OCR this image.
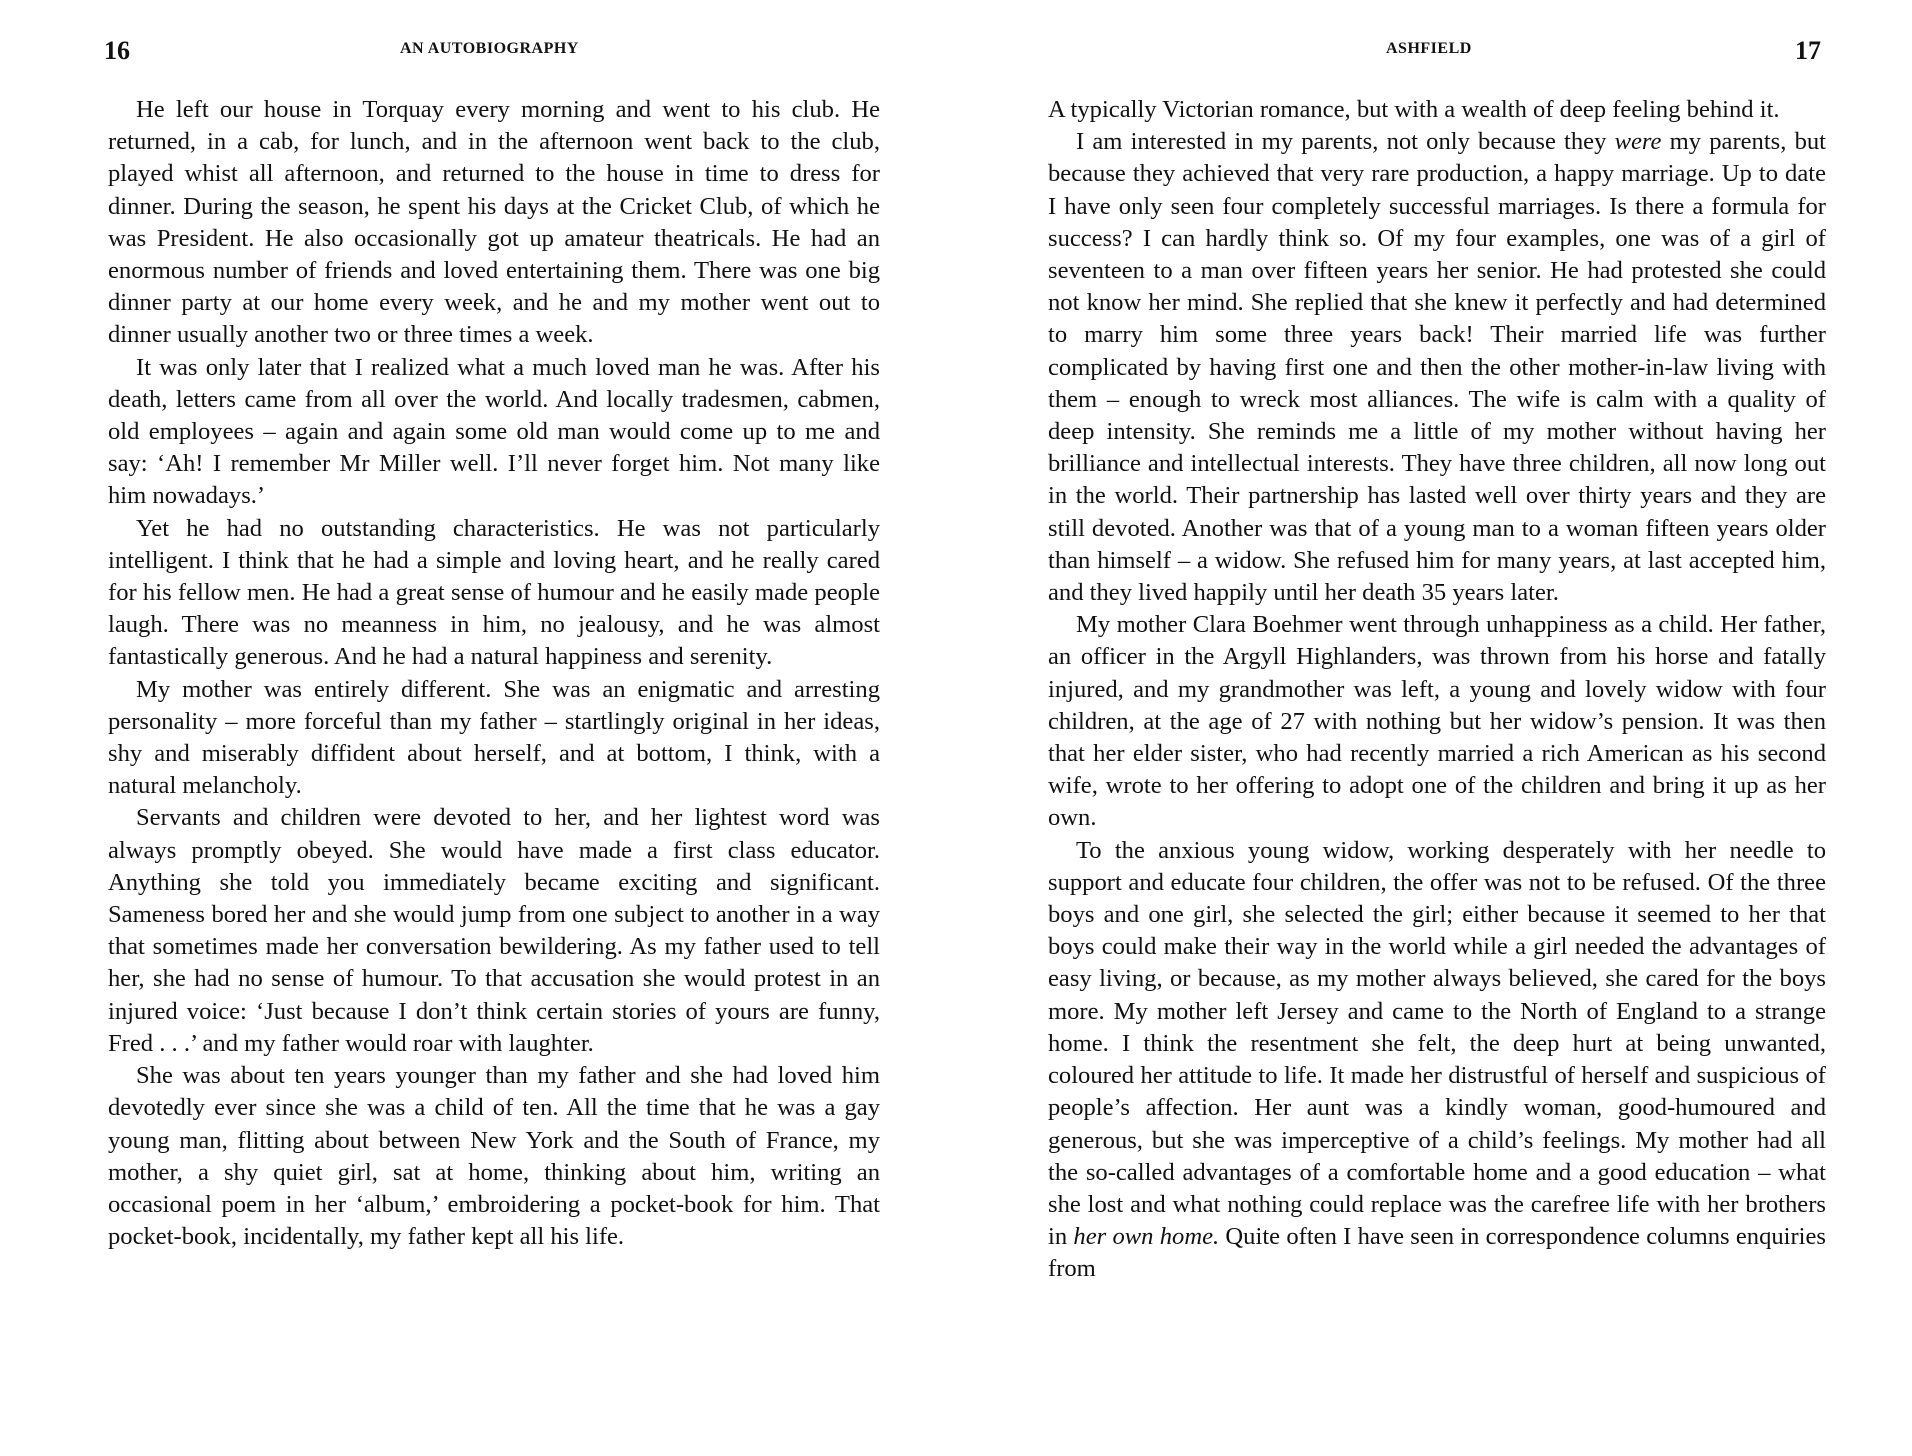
16	AN AUTOBIOGRAPHY

He left our house in Torquay every morning and went to his club. He returned, in a cab, for lunch, and in the afternoon went back to the club, played whist all afternoon, and returned to the house in time to dress for dinner. During the season, he spent his days at the Cricket Club, of which he was President. He also occasionally got up amateur theatricals. He had an enormous number of friends and loved entertaining them. There was one big dinner party at our home every week, and he and my mother went out to dinner usually another two or three times a week.

It was only later that I realized what a much loved man he was. After his death, letters came from all over the world. And locally tradesmen, cabmen, old employees – again and again some old man would come up to me and say: ‘Ah! I remember Mr Miller well. I’ll never forget him. Not many like him nowadays.’

Yet he had no outstanding characteristics. He was not particularly intelligent. I think that he had a simple and loving heart, and he really cared for his fellow men. He had a great sense of humour and he easily made people laugh. There was no meanness in him, no jealousy, and he was almost fantastically generous. And he had a natural happiness and serenity.

My mother was entirely different. She was an enigmatic and arresting personality – more forceful than my father – startlingly original in her ideas, shy and miserably diffident about herself, and at bottom, I think, with a natural melancholy.

Servants and children were devoted to her, and her lightest word was always promptly obeyed. She would have made a first class educator. Anything she told you immediately became exciting and significant. Sameness bored her and she would jump from one subject to another in a way that sometimes made her conversation bewildering. As my father used to tell her, she had no sense of humour. To that accusation she would protest in an injured voice: ‘Just because I don’t think certain stories of yours are funny, Fred . . .’ and my father would roar with laughter.

She was about ten years younger than my father and she had loved him devotedly ever since she was a child of ten. All the time that he was a gay young man, flitting about between New York and the South of France, my mother, a shy quiet girl, sat at home, thinking about him, writing an occasional poem in her ‘album,’ embroidering a pocket-book for him. That pocket-book, incidentally, my father kept all his life.

ASHFIELD	17

A typically Victorian romance, but with a wealth of deep feeling behind it.

I am interested in my parents, not only because they were my parents, but because they achieved that very rare production, a happy marriage. Up to date I have only seen four completely successful marriages. Is there a formula for success? I can hardly think so. Of my four examples, one was of a girl of seventeen to a man over fifteen years her senior. He had protested she could not know her mind. She replied that she knew it perfectly and had determined to marry him some three years back! Their married life was further complicated by having first one and then the other mother-in-law living with them – enough to wreck most alliances. The wife is calm with a quality of deep intensity. She reminds me a little of my mother without having her brilliance and intellectual interests. They have three children, all now long out in the world. Their partnership has lasted well over thirty years and they are still devoted. Another was that of a young man to a woman fifteen years older than himself – a widow. She refused him for many years, at last accepted him, and they lived happily until her death 35 years later.

My mother Clara Boehmer went through unhappiness as a child. Her father, an officer in the Argyll Highlanders, was thrown from his horse and fatally injured, and my grandmother was left, a young and lovely widow with four children, at the age of 27 with nothing but her widow’s pension. It was then that her elder sister, who had recently married a rich American as his second wife, wrote to her offering to adopt one of the children and bring it up as her own.

To the anxious young widow, working desperately with her needle to support and educate four children, the offer was not to be refused. Of the three boys and one girl, she selected the girl; either because it seemed to her that boys could make their way in the world while a girl needed the advantages of easy living, or because, as my mother always believed, she cared for the boys more. My mother left Jersey and came to the North of England to a strange home. I think the resentment she felt, the deep hurt at being unwanted, coloured her attitude to life. It made her distrustful of herself and suspicious of people’s affection. Her aunt was a kindly woman, good-humoured and generous, but she was imperceptive of a child’s feelings. My mother had all the so-called advantages of a comfortable home and a good education – what she lost and what nothing could replace was the carefree life with her brothers in her own home. Quite often I have seen in correspondence columns enquiries from
